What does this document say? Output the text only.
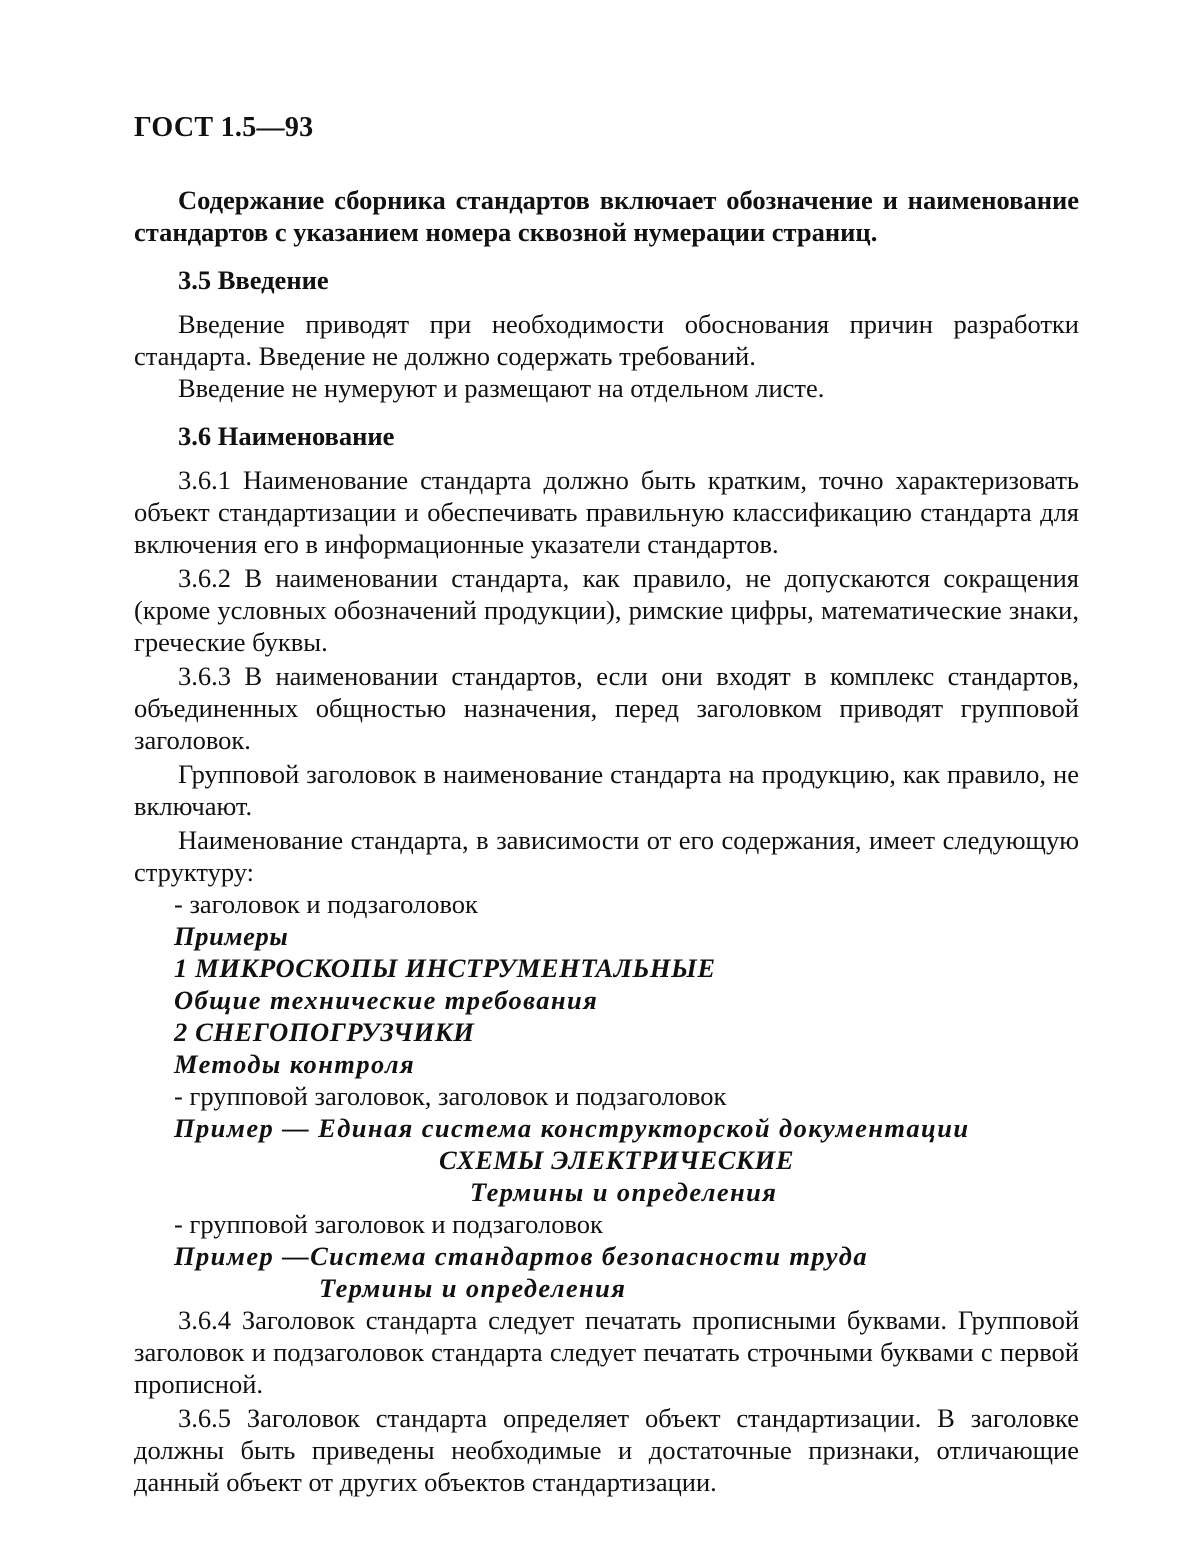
ГОСТ 1.5—93

Содержание сборника стандартов включает обозначение и наименование стандартов с указанием номера сквозной нумерации страниц.

3.5 Введение

Введение приводят при необходимости обоснования причин разработки стандарта. Введение не должно содержать требований.

Введение не нумеруют и размещают на отдельном листе.

3.6 Наименование

3.6.1 Наименование стандарта должно быть кратким, точно характеризовать объект стандартизации и обеспечивать правильную классификацию стандарта для включения его в информационные указатели стандартов.

3.6.2 В наименовании стандарта, как правило, не допускаются сокращения (кроме условных обозначений продукции), римские цифры, математические знаки, греческие буквы.

3.6.3 В наименовании стандартов, если они входят в комплекс стандартов, объединенных общностью назначения, перед заголовком приводят групповой заголовок.

Групповой заголовок в наименование стандарта на продукцию, как правило, не включают.

Наименование стандарта, в зависимости от его содержания, имеет следующую структуру:

- заголовок и подзаголовок
Примеры
1 МИКРОСКОПЫ ИНСТРУМЕНТАЛЬНЫЕ
Общие технические требования
2 СНЕГОПОГРУЗЧИКИ
Методы контроля
- групповой заголовок, заголовок и подзаголовок
Пример — Единая система конструкторской документации
СХЕМЫ ЭЛЕКТРИЧЕСКИЕ
Термины и определения
- групповой заголовок и подзаголовок
Пример —Система стандартов безопасности труда
Термины и определения

3.6.4 Заголовок стандарта следует печатать прописными буквами. Групповой заголовок и подзаголовок стандарта следует печатать строчными буквами с первой прописной.

3.6.5 Заголовок стандарта определяет объект стандартизации. В заголовке должны быть приведены необходимые и достаточные признаки, отличающие данный объект от других объектов стандартизации.
